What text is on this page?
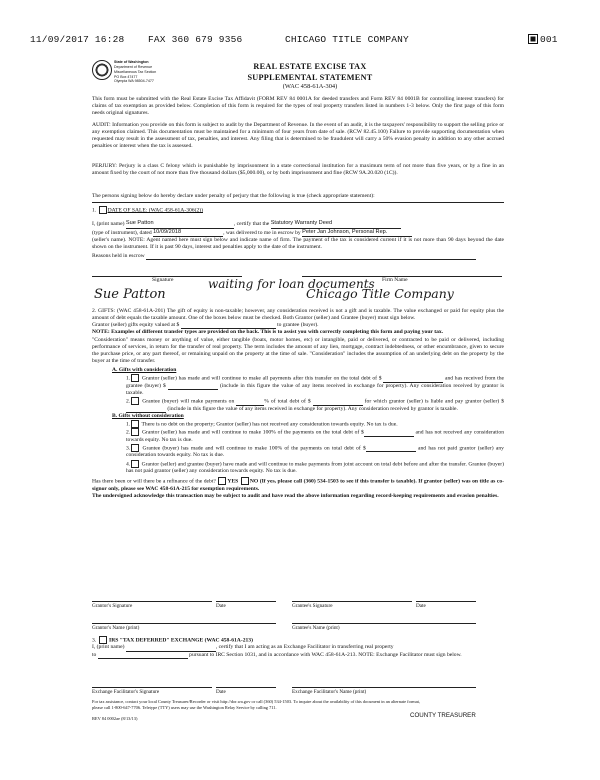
11/09/2017 16:28 FAX 360 679 9356	CHICAGO TITLE COMPANY	001
State of Washington
Department of Revenue
Miscellaneous Tax Section
PO Box 47477
Olympia WA 98504-7477
REAL ESTATE EXCISE TAX
SUPPLEMENTAL STATEMENT
(WAC 458-61A-304)
This form must be submitted with the Real Estate Excise Tax Affidavit (FORM REV 84 0001A for deeded transfers and Form REV 84 0001B for controlling interest transfers) for claims of tax exemption as provided below. Completion of this form is required for the types of real property transfers listed in numbers 1-3 below. Only the first page of this form needs original signatures.
AUDIT: Information you provide on this form is subject to audit by the Department of Revenue. In the event of an audit, it is the taxpayers' responsibility to support the selling price or any exemption claimed. This documentation must be maintained for a minimum of four years from date of sale. (RCW 82.45.100) Failure to provide supporting documentation when requested may result in the assessment of tax, penalties, and interest. Any filing that is determined to be fraudulent will carry a 50% evasion penalty in addition to any other accrued penalties or interest when the tax is assessed.
PERJURY: Perjury is a class C felony which is punishable by imprisonment in a state correctional institution for a maximum term of not more than five years, or by a fine in an amount fixed by the court of not more than five thousand dollars ($5,000.00), or by both imprisonment and fine (RCW 9A.20.020 (1C)).
The persons signing below do hereby declare under penalty of perjury that the following is true (check appropriate statement):
1. DATE OF SALE: (WAC 458-61A-306(2))
I, (print name) Sue Patton	, certify that the Statutory Warranty Deed
(type of instrument), dated 10/09/2018	, was delivered to me in escrow by Peter Jan Johnson, Personal Rep.
(seller's name). NOTE: Agent named here must sign below and indicate name of firm. The payment of the tax is considered current if it is not more than 90 days beyond the date shown on the instrument. If it is past 90 days, interest and penalties apply to the date of the instrument.
Reasons held in escrow
Signature	Firm Name
waiting for loan documents
Sue Patton	Chicago Title Company
2. GIFTS: (WAC 458-61A-201) The gift of equity is non-taxable; however, any consideration received is not a gift and is taxable. The value exchanged or paid for equity plus the amount of debt equals the taxable amount. One of the boxes below must be checked. Both Grantor (seller) and Grantee (buyer) must sign below.
Grantor (seller) gifts equity valued at $	to grantee (buyer).
NOTE: Examples of different transfer types are provided on the back. This is to assist you with correctly completing this form and paying your tax.
"Consideration" means money or anything of value, either tangible (boats, motor homes, etc) or intangible, paid or delivered, or contracted to be paid or delivered, including performance of services, in return for the transfer of real property. The term includes the amount of any lien, mortgage, contract indebtedness, or other encumbrance, given to secure the purchase price, or any part thereof, or remaining unpaid on the property at the time of sale. "Consideration" includes the assumption of an underlying debt on the property by the buyer at the time of transfer.
A. Gifts with consideration
1. Grantor (seller) has made and will continue to make all payments after this transfer on the total debt of $	and has received from the grantee (buyer) $	(include in this figure the value of any items received in exchange for property). Any consideration received by grantor is taxable.
2. Grantee (buyer) will make payments on	% of total debt of $	for which grantor (seller) is liable and pay grantor (seller) $  (include in this figure the value of any items received in exchange for property). Any consideration received by grantor is taxable.
B. Gifts without consideration
1. There is no debt on the property; Grantor (seller) has not received any consideration towards equity. No tax is due.
2. Grantor (seller) has made and will continue to make 100% of the payments on the total debt of $	and has not received any consideration towards equity. No tax is due.
3. Grantee (buyer) has made and will continue to make 100% of the payments on total debt of $	and has not paid grantor (seller) any consideration towards equity. No tax is due.
4. Grantor (seller) and grantee (buyer) have made and will continue to make payments from joint account on total debt before and after the transfer. Grantee (buyer) has not paid grantor (seller) any consideration towards equity. No tax is due.
Has there been or will there be a refinance of the debt? YES NO (If yes, please call (360) 534-1503 to see if this transfer is taxable). If grantor (seller) was on title as co-signor only, please see WAC 458-61A-215 for exemption requirements.
The undersigned acknowledge this transaction may be subject to audit and have read the above information regarding record-keeping requirements and evasion penalties.
Grantor's Signature	Date	Grantee's Signature	Date
Grantor's Name (print)	Grantee's Name (print)
3. IRS "TAX DEFERRED" EXCHANGE (WAC 458-61A-213)
I, (print name)	, certify that I am acting as an Exchange Facilitator in transferring real property
to	pursuant to IRC Section 1031, and in accordance with WAC 458-61A-213. NOTE: Exchange Facilitator must sign below.
Exchange Facilitator's Signature	Date	Exchange Facilitator's Name (print)
For tax assistance, contact your local County Treasurer/Recorder or visit http://dor.wa.gov or call (360) 534-1503. To inquire about the availability of this document in an alternate format, please call 1-800-647-7706. Teletype (TTY) users may use the Washington Relay Service by calling 711.
REV 84 0002ae (8/13/13)	COUNTY TREASURER
